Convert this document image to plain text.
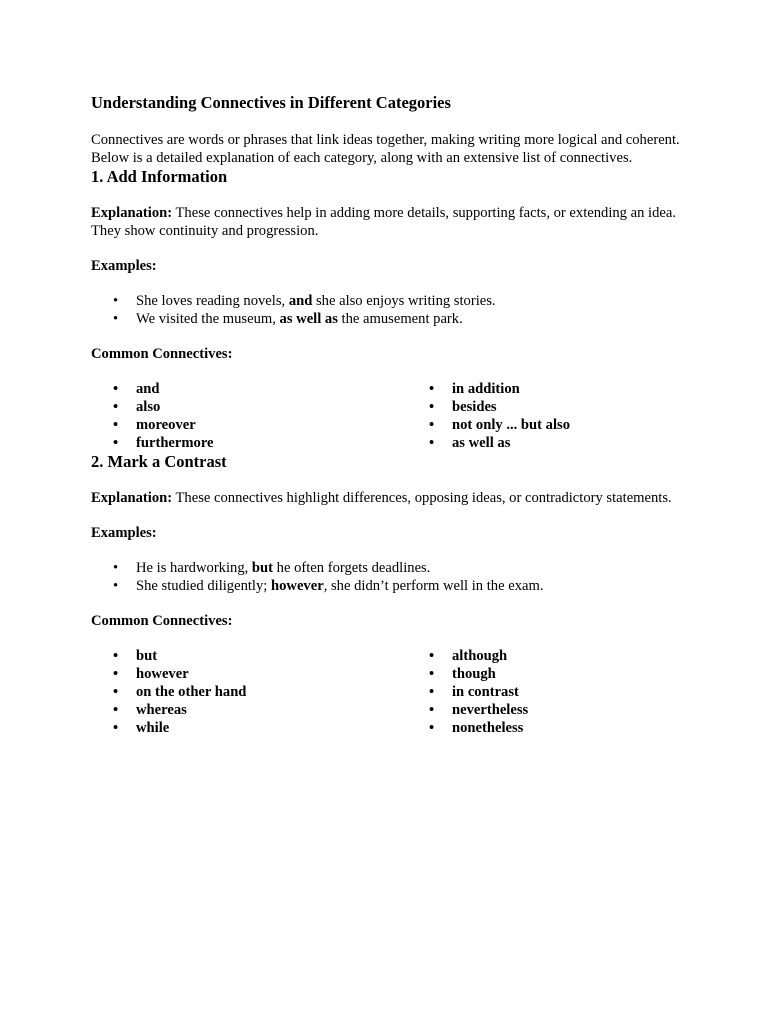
Understanding Connectives in Different Categories

Connectives are words or phrases that link ideas together, making writing more logical and coherent. Below is a detailed explanation of each category, along with an extensive list of connectives.

1. Add Information

Explanation: These connectives help in adding more details, supporting facts, or extending an idea. They show continuity and progression.

Examples:

• She loves reading novels, and she also enjoys writing stories.
• We visited the museum, as well as the amusement park.

Common Connectives:

• and
• also
• moreover
• furthermore
• in addition
• besides
• not only ... but also
• as well as
2. Mark a Contrast

Explanation: These connectives highlight differences, opposing ideas, or contradictory statements.

Examples:

• He is hardworking, but he often forgets deadlines.
• She studied diligently; however, she didn’t perform well in the exam.

Common Connectives:

• but
• however
• on the other hand
• whereas
• while
• although
• though
• in contrast
• nevertheless
• nonetheless
